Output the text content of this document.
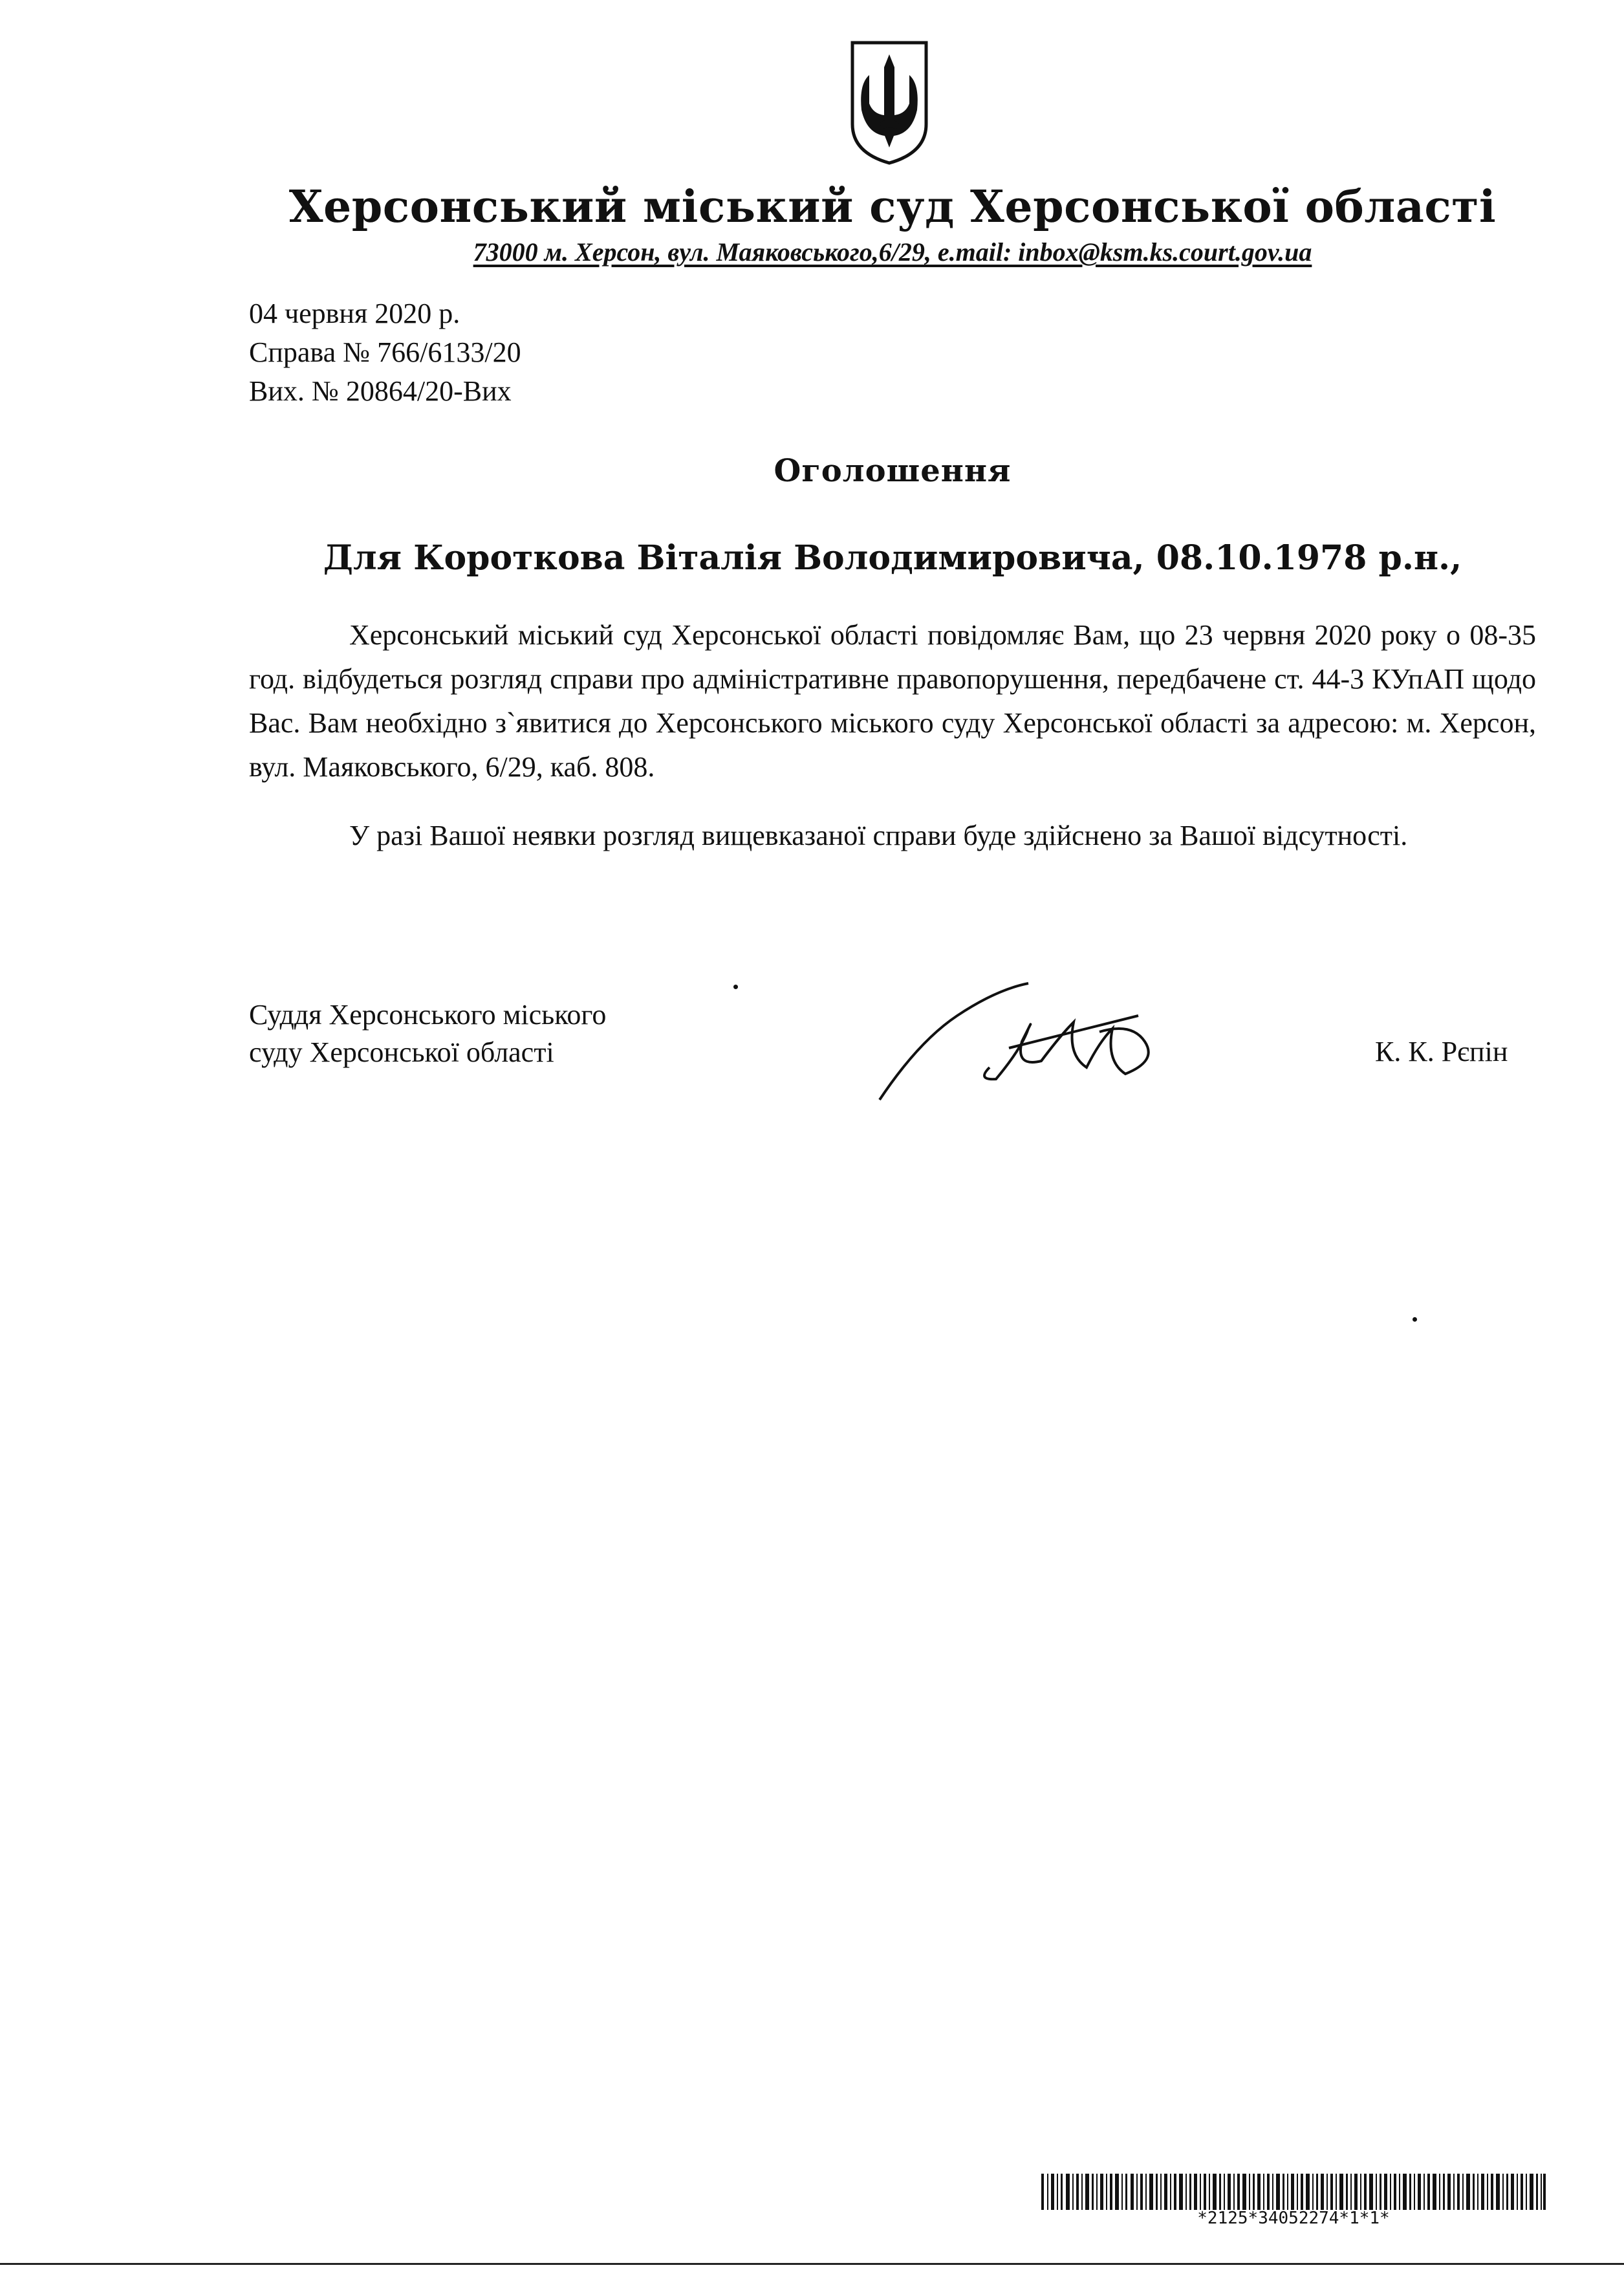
Херсонський міський суд Херсонської області
73000 м. Херсон, вул. Маяковського,6/29, e.mail: inbox@ksm.ks.court.gov.ua
04 червня 2020 р.
Справа № 766/6133/20
Вих. № 20864/20-Вих
Оголошення
Для Короткова Віталія Володимировича, 08.10.1978 р.н.,
Херсонський міський суд Херсонської області повідомляє Вам, що 23 червня 2020 року о 08-35 год. відбудеться розгляд справи про адміністративне правопорушення, передбачене ст. 44-3 КУпАП щодо Вас. Вам необхідно з`явитися до Херсонського міського суду Херсонської області за адресою: м. Херсон, вул. Маяковського, 6/29, каб. 808.
У разі Вашої неявки розгляд вищевказаної справи буде здійснено за Вашої відсутності.
Суддя Херсонського міського
суду Херсонської області	К. К. Рєпін
*2125*34052274*1*1*
